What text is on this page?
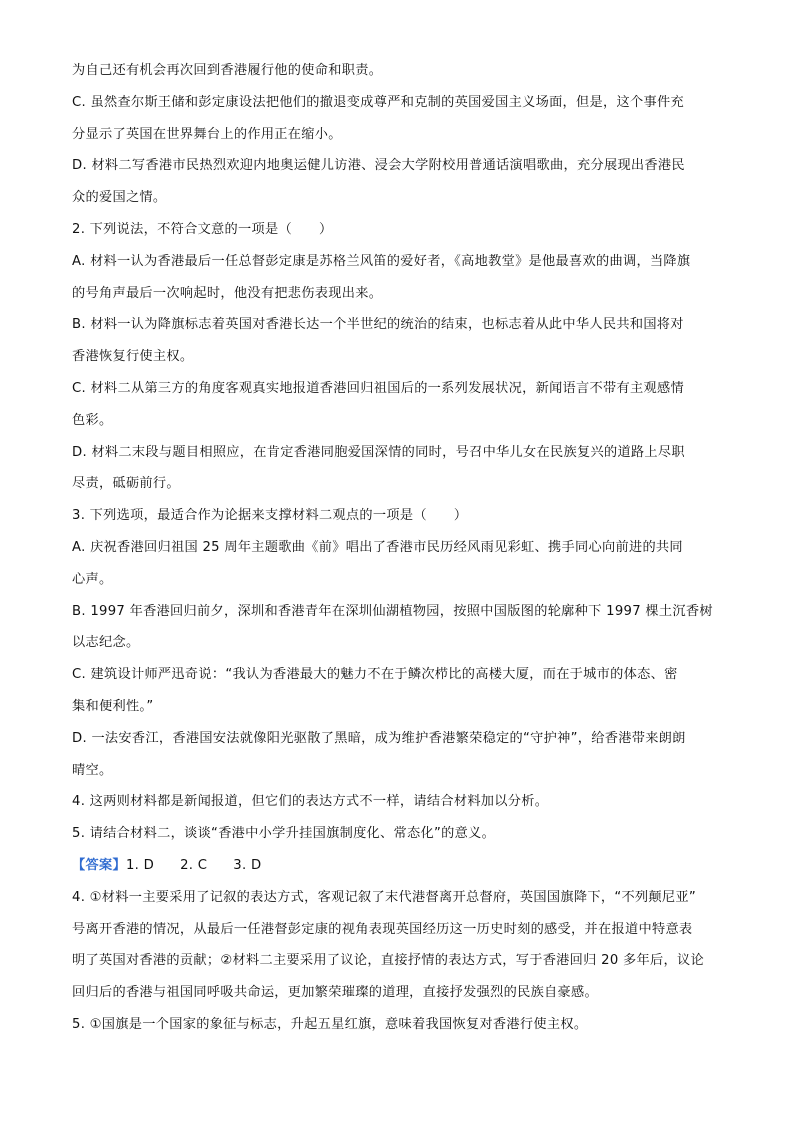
为自己还有机会再次回到香港履行他的使命和职责。
C. 虽然查尔斯王储和彭定康设法把他们的撤退变成尊严和克制的英国爱国主义场面，但是，这个事件充
分显示了英国在世界舞台上的作用正在缩小。
D. 材料二写香港市民热烈欢迎内地奥运健儿访港、浸会大学附校用普通话演唱歌曲，充分展现出香港民
众的爱国之情。
2. 下列说法，不符合文意的一项是（　　）
A. 材料一认为香港最后一任总督彭定康是苏格兰风笛的爱好者，《高地教堂》是他最喜欢的曲调，当降旗
的号角声最后一次响起时，他没有把悲伤表现出来。
B. 材料一认为降旗标志着英国对香港长达一个半世纪的统治的结束，也标志着从此中华人民共和国将对
香港恢复行使主权。
C. 材料二从第三方的角度客观真实地报道香港回归祖国后的一系列发展状况，新闻语言不带有主观感情
色彩。
D. 材料二末段与题目相照应，在肯定香港同胞爱国深情的同时，号召中华儿女在民族复兴的道路上尽职
尽责，砥砺前行。
3. 下列选项，最适合作为论据来支撑材料二观点的一项是（　　）
A. 庆祝香港回归祖国 25 周年主题歌曲《前》唱出了香港市民历经风雨见彩虹、携手同心向前进的共同
心声。
B. 1997 年香港回归前夕，深圳和香港青年在深圳仙湖植物园，按照中国版图的轮廓种下 1997 棵土沉香树
以志纪念。
C. 建筑设计师严迅奇说：“我认为香港最大的魅力不在于鳞次栉比的高楼大厦，而在于城市的体态、密
集和便利性。”
D. 一法安香江，香港国安法就像阳光驱散了黑暗，成为维护香港繁荣稳定的“守护神”，给香港带来朗朗
晴空。
4. 这两则材料都是新闻报道，但它们的表达方式不一样，请结合材料加以分析。
5. 请结合材料二，谈谈“香港中小学升挂国旗制度化、常态化”的意义。
【答案】1. D 2. C 3. D
4. ①材料一主要采用了记叙的表达方式，客观记叙了末代港督离开总督府，英国国旗降下，“不列颠尼亚”
号离开香港的情况，从最后一任港督彭定康的视角表现英国经历这一历史时刻的感受，并在报道中特意表
明了英国对香港的贡献；②材料二主要采用了议论，直接抒情的表达方式，写于香港回归 20 多年后，议论
回归后的香港与祖国同呼吸共命运，更加繁荣璀璨的道理，直接抒发强烈的民族自豪感。
5. ①国旗是一个国家的象征与标志，升起五星红旗，意味着我国恢复对香港行使主权。
